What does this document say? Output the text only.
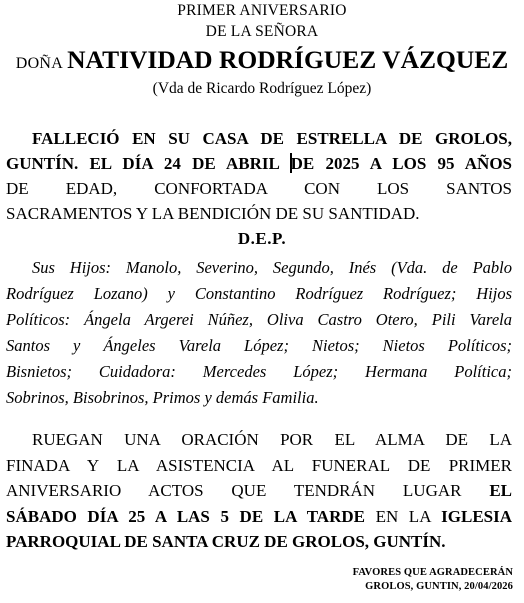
PRIMER ANIVERSARIO
DE LA SEÑORA
DOÑA NATIVIDAD RODRÍGUEZ VÁZQUEZ
(Vda de Ricardo Rodríguez López)
FALLECIÓ EN SU CASA DE ESTRELLA DE GROLOS,
GUNTÍN. EL DÍA 24 DE ABRIL DE 2025 A LOS 95 AÑOS
DE EDAD, CONFORTADA CON LOS SANTOS
SACRAMENTOS Y LA BENDICIÓN DE SU SANTIDAD.
D.E.P.
Sus Hijos: Manolo, Severino, Segundo, Inés (Vda. de Pablo
Rodríguez Lozano) y Constantino Rodríguez Rodríguez; Hijos
Políticos: Ángela Argerei Núñez, Oliva Castro Otero, Pili Varela
Santos y Ángeles Varela López; Nietos; Nietos Políticos;
Bisnietos; Cuidadora: Mercedes López; Hermana Política;
Sobrinos, Bisobrinos, Primos y demás Familia.
RUEGAN UNA ORACIÓN POR EL ALMA DE LA
FINADA Y LA ASISTENCIA AL FUNERAL DE PRIMER
ANIVERSARIO ACTOS QUE TENDRÁN LUGAR EL
SÁBADO DÍA 25 A LAS 5 DE LA TARDE EN LA IGLESIA
PARROQUIAL DE SANTA CRUZ DE GROLOS, GUNTÍN.
FAVORES QUE AGRADECERÁN
GROLOS, GUNTIN, 20/04/2026
